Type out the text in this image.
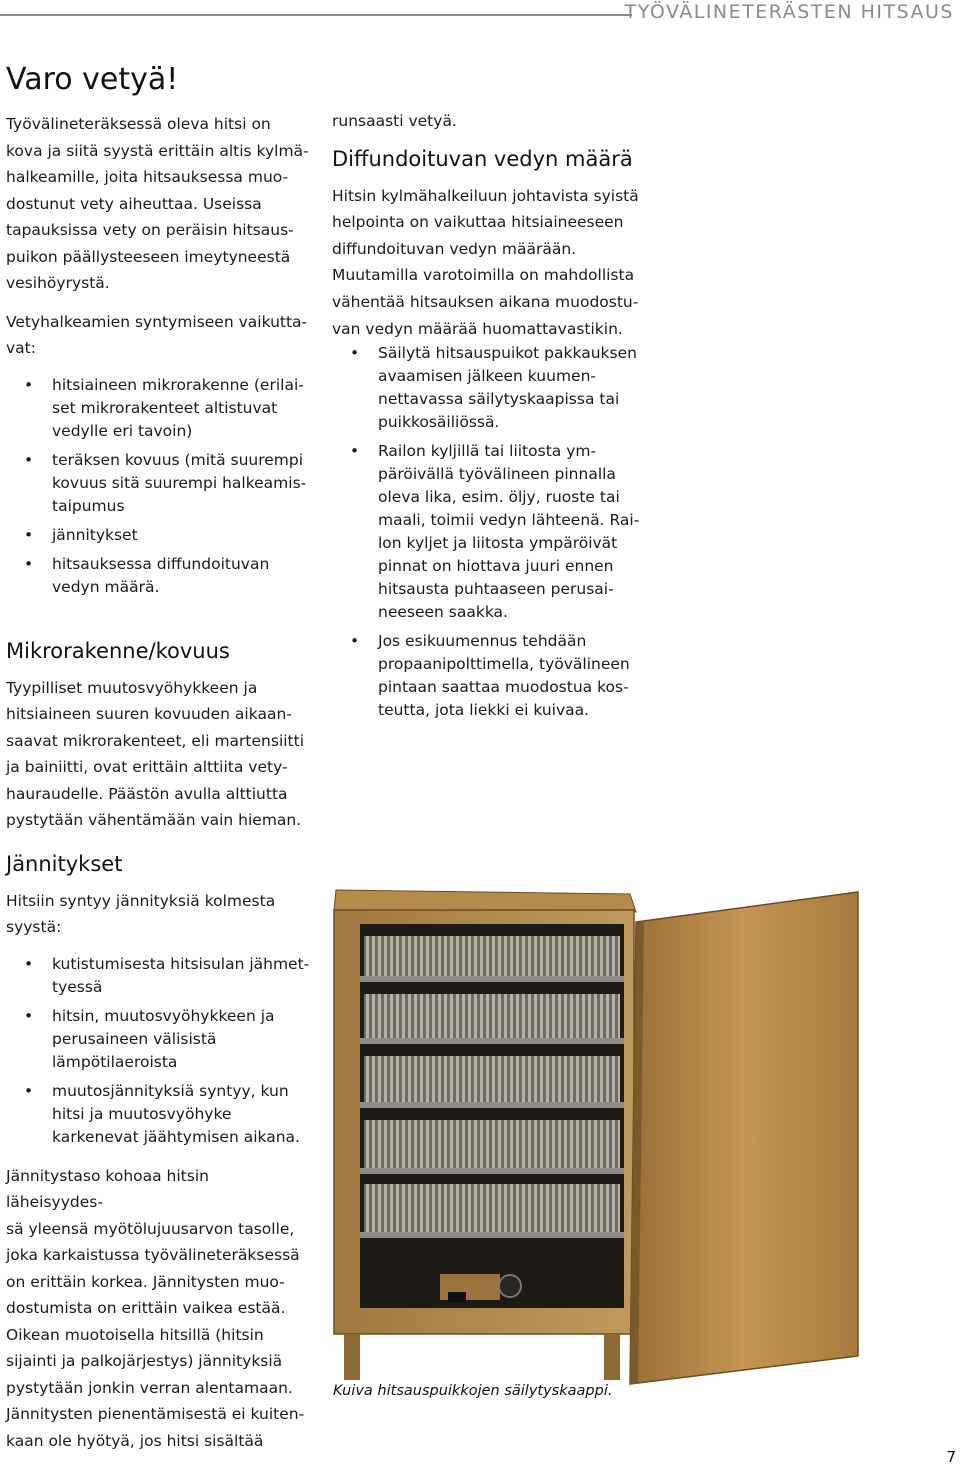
TYÖVÄLINETERÄSTEN HITSAUS
Varo vetyä!

Työvälineteräksessä oleva hitsi on
kova ja siitä syystä erittäin altis kylmä-
halkeamille, joita hitsauksessa muo-
dostunut vety aiheuttaa. Useissa
tapauksissa vety on peräisin hitsaus-
puikon päällysteeseen imeytyneestä
vesihöyrystä.

Vetyhalkeamien syntymiseen vaikutta-
vat:

• hitsiaineen mikrorakenne (erilai-
set mikrorakenteet altistuvat
vedylle eri tavoin)
• teräksen kovuus (mitä suurempi
kovuus sitä suurempi halkeamis-
taipumus
• jännitykset
• hitsauksessa diffundoituvan
vedyn määrä.
Mikrorakenne/kovuus

Tyypilliset muutosvyöhykkeen ja
hitsiaineen suuren kovuuden aikaan-
saavat mikrorakenteet, eli martensiitti
ja bainiitti, ovat erittäin alttiita vety-
hauraudelle. Päästön avulla alttiutta
pystytään vähentämään vain hieman.

Jännitykset

Hitsiin syntyy jännityksiä kolmesta
syystä:

• kutistumisesta hitsisulan jähmet-
tyessä
• hitsin, muutosvyöhykkeen ja
perusaineen välisistä
lämpötilaeroista
• muutosjännityksiä syntyy, kun
hitsi ja muutosvyöhyke
karkenevat jäähtymisen aikana.

Jännitystaso kohoaa hitsin läheisyydes-
sä yleensä myötölujuusarvon tasolle,
joka karkaistussa työvälineteräksessä
on erittäin korkea. Jännitysten muo-
dostumista on erittäin vaikea estää.
Oikean muotoisella hitsillä (hitsin
sijainti ja palkojärjestys) jännityksiä
pystytään jonkin verran alentamaan.
Jännitysten pienentämisestä ei kuiten-
kaan ole hyötyä, jos hitsi sisältää

runsaasti vetyä.

Diffundoituvan vedyn määrä

Hitsin kylmähalkeiluun johtavista syistä
helpointa on vaikuttaa hitsiaineeseen
diffundoituvan vedyn määrään.
Muutamilla varotoimilla on mahdollista
vähentää hitsauksen aikana muodostu-
van vedyn määrää huomattavastikin.

• Säilytä hitsauspuikot pakkauksen
avaamisen jälkeen kuumen-
nettavassa säilytyskaapissa tai
puikkosäiliössä.
• Railon kyljillä tai liitosta ym-
päröivällä työvälineen pinnalla
oleva lika, esim. öljy, ruoste tai
maali, toimii vedyn lähteenä. Rai-
lon kyljet ja liitosta ympäröivät
pinnat on hiottava juuri ennen
hitsausta puhtaaseen perusai-
neeseen saakka.
• Jos esikuumennus tehdään
propaanipolttimella, työvälineen
pintaan saattaa muodostua kos-
teutta, jota liekki ei kuivaa.
Kuiva hitsauspuikkojen säilytyskaappi.
7
